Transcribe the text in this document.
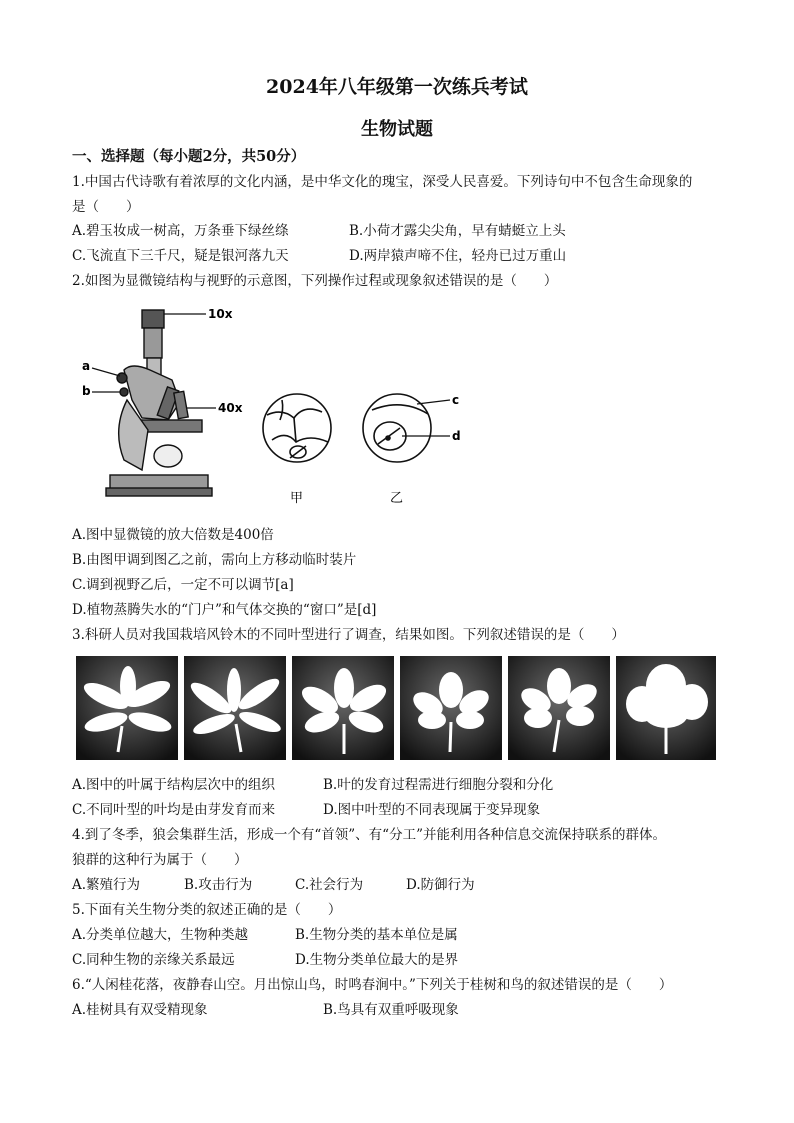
2024年八年级第一次练兵考试
生物试题
一、选择题（每小题2分，共50分）
1.中国古代诗歌有着浓厚的文化内涵，是中华文化的瑰宝，深受人民喜爱。下列诗句中不包含生命现象的
是（　　）
A.碧玉妆成一树高，万条垂下绿丝绦	B.小荷才露尖尖角，早有蜻蜓立上头
C.飞流直下三千尺，疑是银河落九天	D.两岸猿声啼不住，轻舟已过万重山
2.如图为显微镜结构与视野的示意图，下列操作过程或现象叙述错误的是（　　）
10x
a
b
40x
甲
c
d
乙
A.图中显微镜的放大倍数是400倍
B.由图甲调到图乙之前，需向上方移动临时装片
C.调到视野乙后，一定不可以调节[a]
D.植物蒸腾失水的“门户”和气体交换的“窗口”是[d]
3.科研人员对我国栽培风铃木的不同叶型进行了调查，结果如图。下列叙述错误的是（　　）
A.图中的叶属于结构层次中的组织	B.叶的发育过程需进行细胞分裂和分化
C.不同叶型的叶均是由芽发育而来	D.图中叶型的不同表现属于变异现象
4.到了冬季，狼会集群生活，形成一个有“首领”、有“分工”并能利用各种信息交流保持联系的群体。
狼群的这种行为属于（　　）
A.繁殖行为	B.攻击行为	C.社会行为	D.防御行为
5.下面有关生物分类的叙述正确的是（　　）
A.分类单位越大，生物种类越	B.生物分类的基本单位是属
C.同种生物的亲缘关系最远	D.生物分类单位最大的是界
6.“人闲桂花落，夜静春山空。月出惊山鸟，时鸣春涧中。”下列关于桂树和鸟的叙述错误的是（　　）
A.桂树具有双受精现象	B.鸟具有双重呼吸现象
